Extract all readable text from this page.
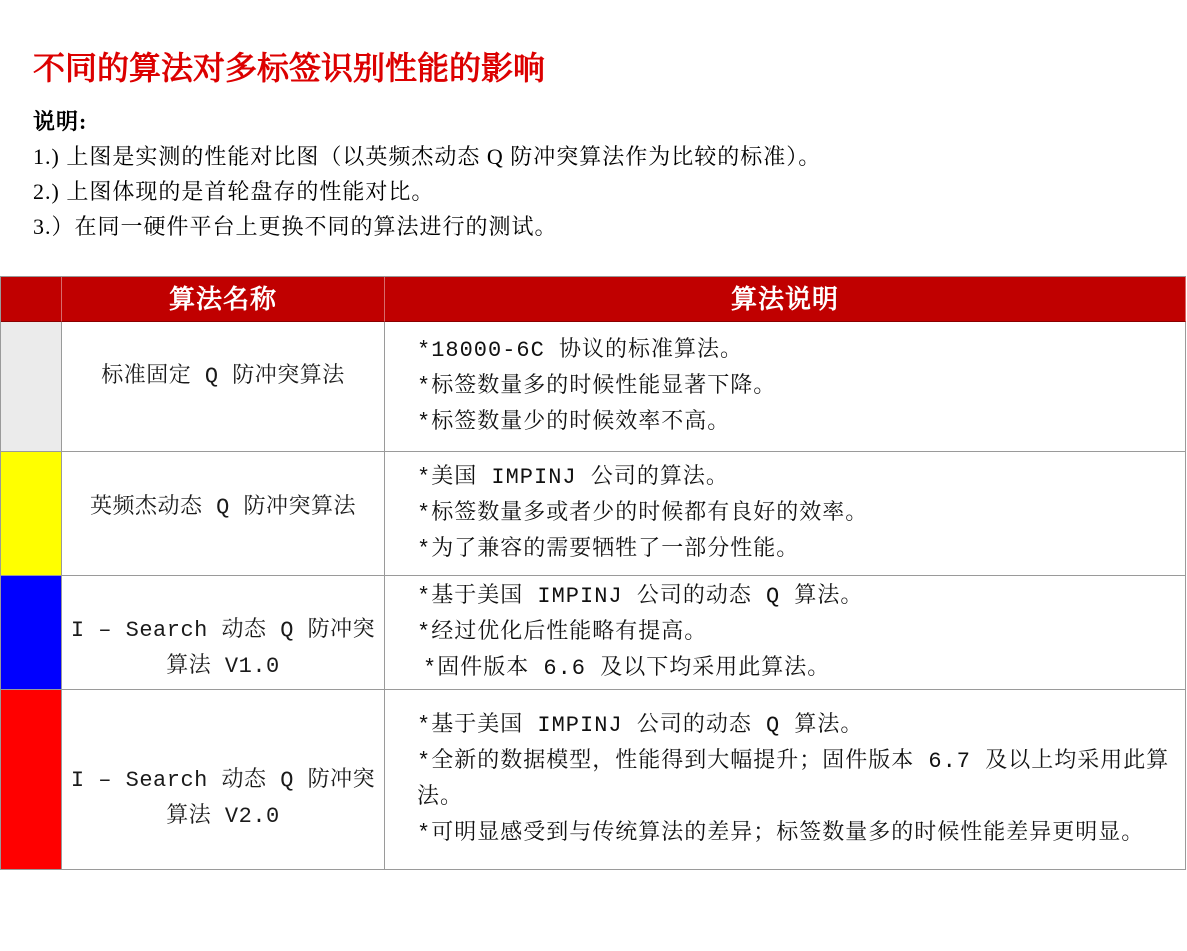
不同的算法对多标签识别性能的影响
说明:
1.) 上图是实测的性能对比图（以英频杰动态 Q 防冲突算法作为比较的标准）。
2.) 上图体现的是首轮盘存的性能对比。
3.）在同一硬件平台上更换不同的算法进行的测试。
算法名称	算法说明
标准固定 Q 防冲突算法
*18000-6C 协议的标准算法。
*标签数量多的时候性能显著下降。
*标签数量少的时候效率不高。
英频杰动态 Q 防冲突算法
*美国 IMPINJ 公司的算法。
*标签数量多或者少的时候都有良好的效率。
*为了兼容的需要牺牲了一部分性能。
I – Search 动态 Q 防冲突
算法 V1.0
*基于美国 IMPINJ 公司的动态 Q 算法。
*经过优化后性能略有提高。
*固件版本 6.6 及以下均采用此算法。
I – Search 动态 Q 防冲突
算法 V2.0
*基于美国 IMPINJ 公司的动态 Q 算法。
*全新的数据模型，性能得到大幅提升；固件版本 6.7 及以上均采用此算法。
*可明显感受到与传统算法的差异；标签数量多的时候性能差异更明显。
